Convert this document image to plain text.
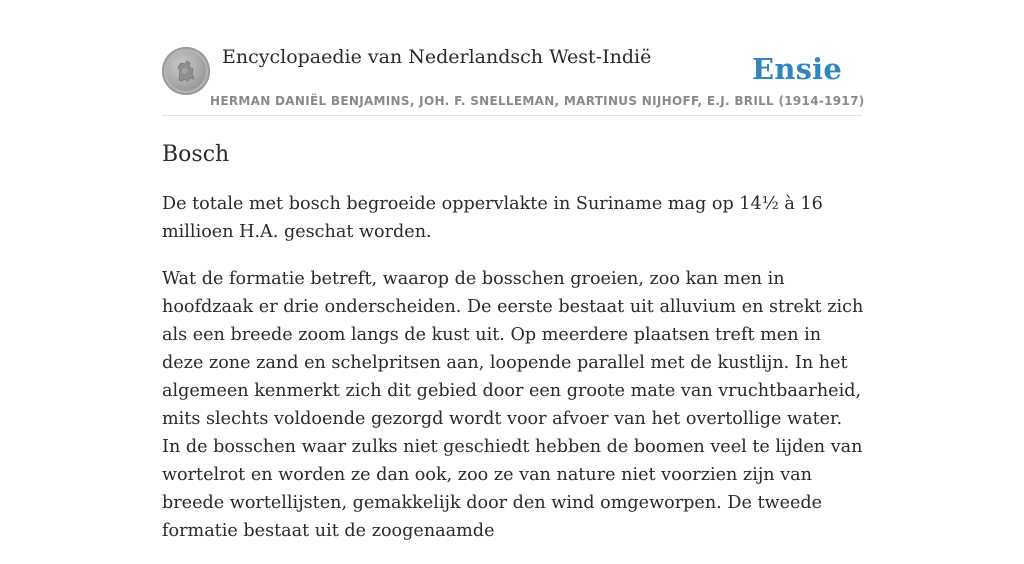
Encyclopaedie van Nederlandsch West-Indië	Ensie
HERMAN DANIËL BENJAMINS, JOH. F. SNELLEMAN, MARTINUS NIJHOFF, E.J. BRILL (1914-1917)
Bosch

De totale met bosch begroeide oppervlakte in Suriname mag op 14½ à 16 millioen H.A. geschat worden.

Wat de formatie betreft, waarop de bosschen groeien, zoo kan men in hoofdzaak er drie onderscheiden. De eerste bestaat uit alluvium en strekt zich als een breede zoom langs de kust uit. Op meerdere plaatsen treft men in deze zone zand en schelpritsen aan, loopende parallel met de kustlijn. In het algemeen kenmerkt zich dit gebied door een groote mate van vruchtbaarheid, mits slechts voldoende gezorgd wordt voor afvoer van het overtollige water. In de bosschen waar zulks niet geschiedt hebben de boomen veel te lijden van wortelrot en worden ze dan ook, zoo ze van nature niet voorzien zijn van breede wortellijsten, gemakkelijk door den wind omgeworpen. De tweede formatie bestaat uit de zoogenaamde
